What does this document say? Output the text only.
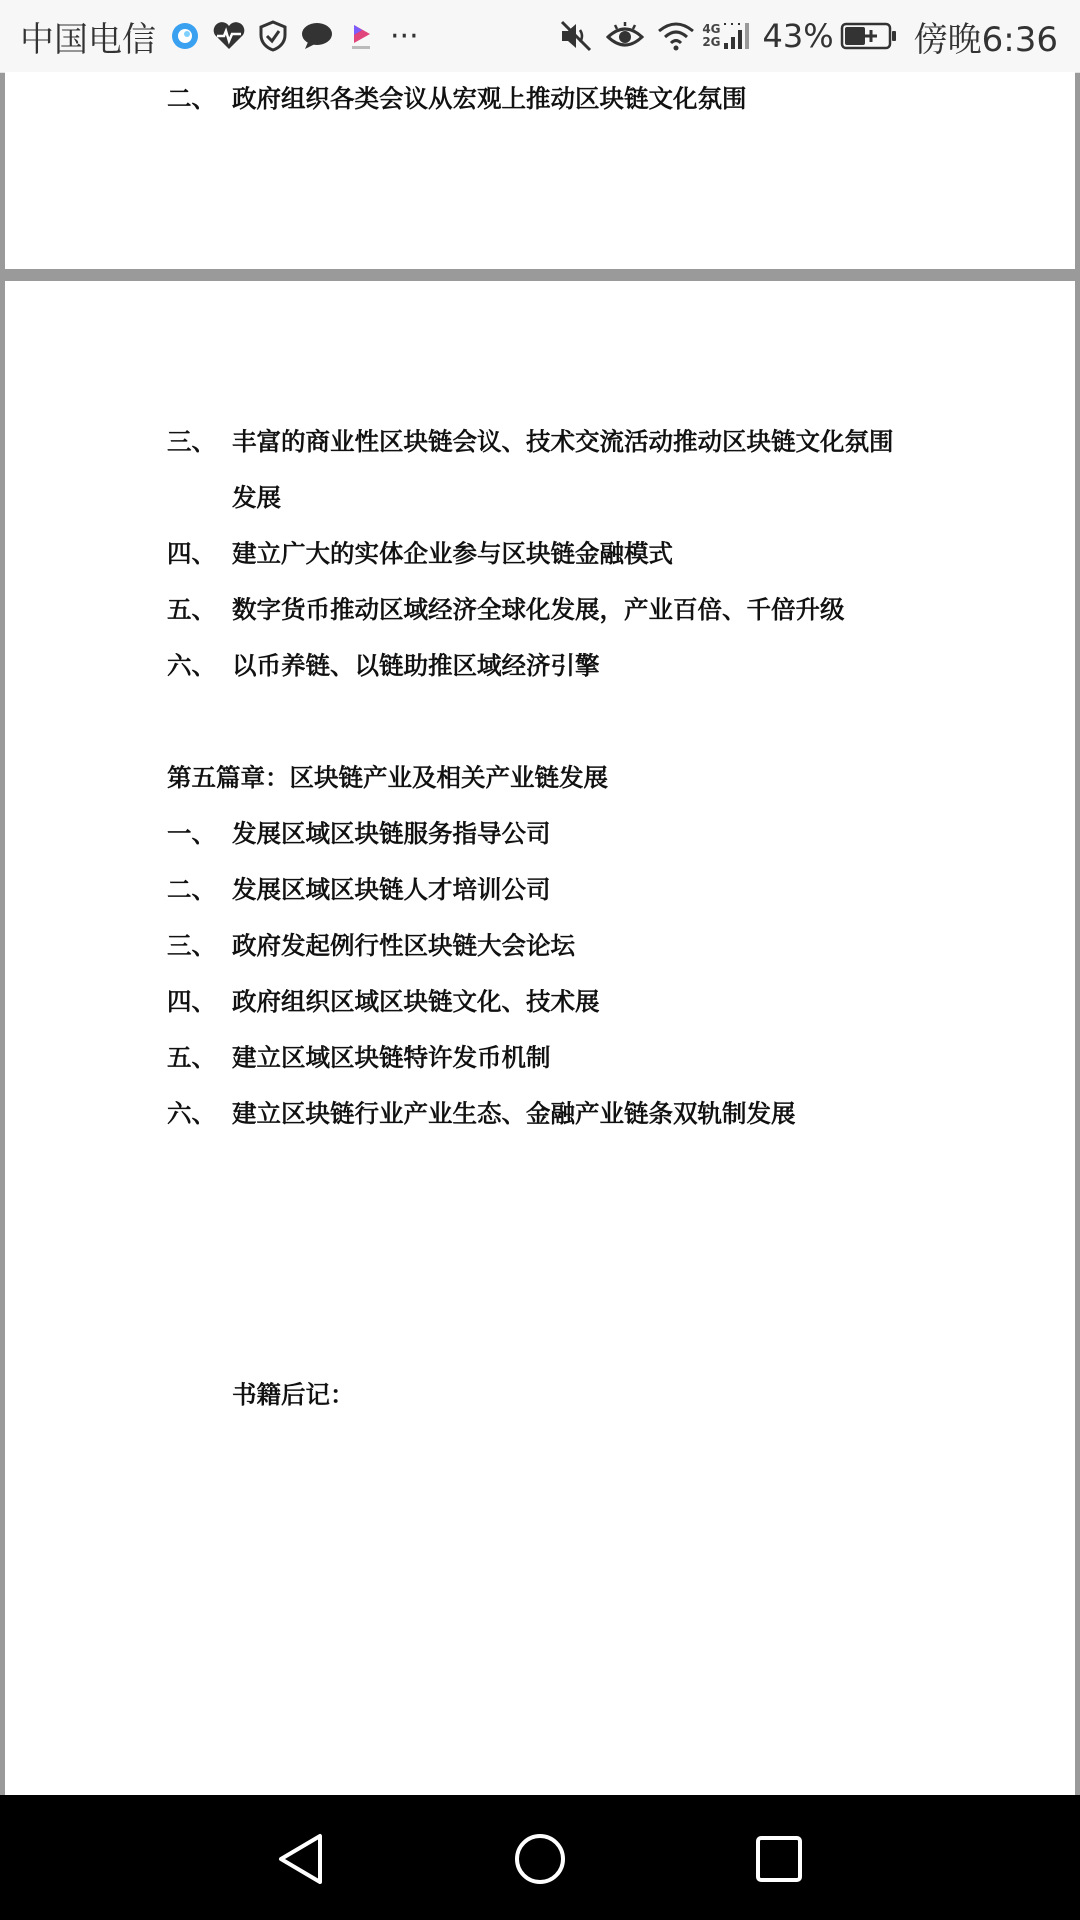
中国电信	···	4G
2G 43% 傍晚6:36
二、 政府组织各类会议从宏观上推动区块链文化氛围
三、 丰富的商业性区块链会议、技术交流活动推动区块链文化氛围
发展
四、 建立广大的实体企业参与区块链金融模式
五、 数字货币推动区域经济全球化发展，产业百倍、千倍升级
六、 以币养链、以链助推区域经济引擎
第五篇章：区块链产业及相关产业链发展
一、 发展区域区块链服务指导公司
二、 发展区域区块链人才培训公司
三、 政府发起例行性区块链大会论坛
四、 政府组织区域区块链文化、技术展
五、 建立区域区块链特许发币机制
六、 建立区块链行业产业生态、金融产业链条双轨制发展
书籍后记：
